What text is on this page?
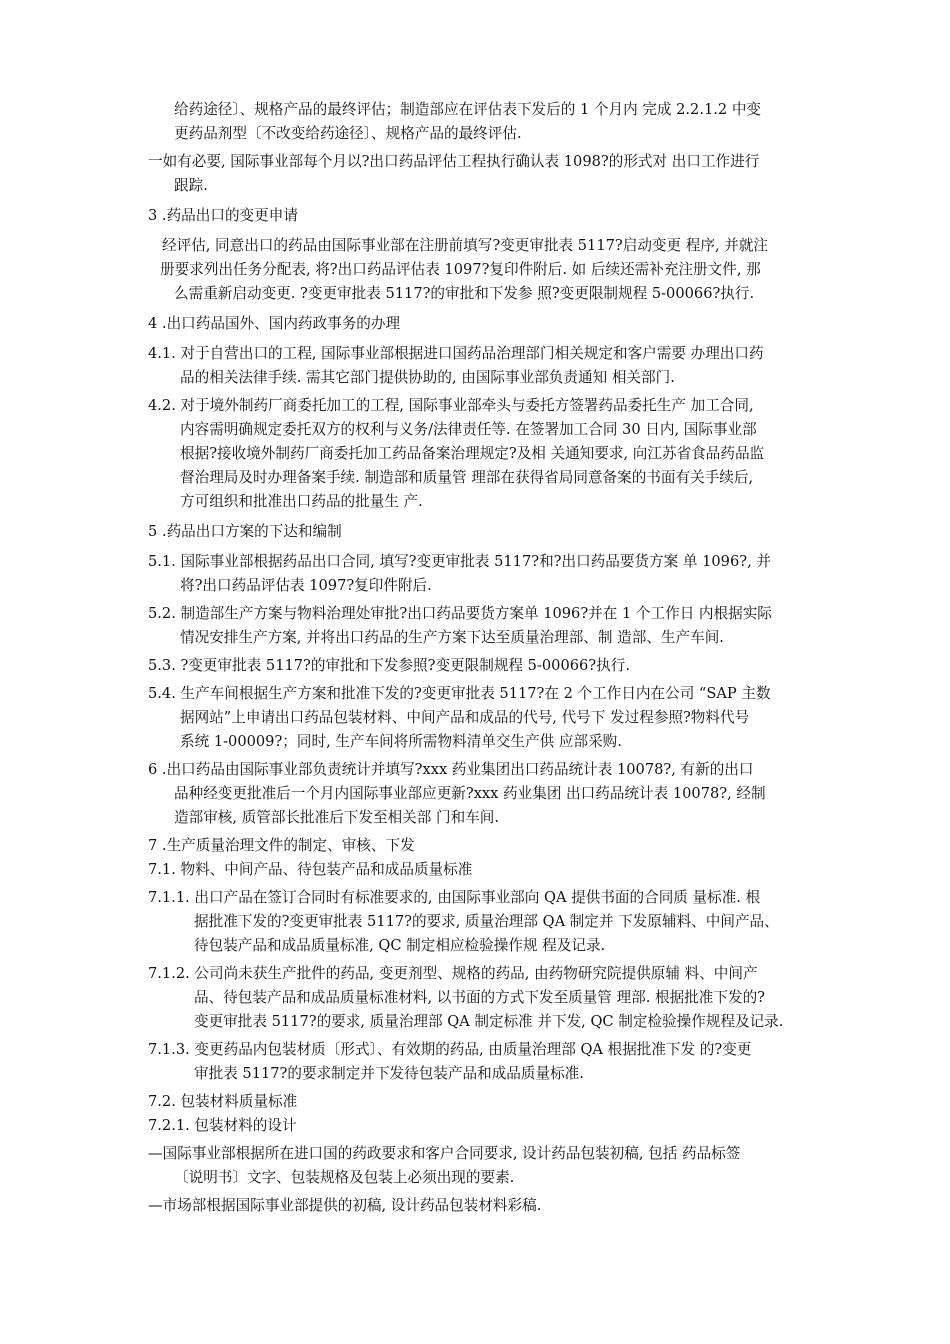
给药途径〕、规格产品的最终评估；制造部应在评估表下发后的 1 个月内 完成 2.2.1.2 中变
更药品剂型〔不改变给药途径〕、规格产品的最终评估.

一如有必要, 国际事业部每个月以?出口药品评估工程执行确认表 1098?的形式对 出口工作进行
跟踪.

3 .药品出口的变更申请

经评估, 同意出口的药品由国际事业部在注册前填写?变更审批表 5117?启动变更 程序, 并就注
册要求列出任务分配表, 将?出口药品评估表 1097?复印件附后. 如 后续还需补充注册文件, 那
么需重新启动变更. ?变更审批表 5117?的审批和下发参 照?变更限制规程 5-00066?执行.

4 .出口药品国外、国内药政事务的办理

4.1. 对于自营出口的工程, 国际事业部根据进口国药品治理部门相关规定和客户需要 办理出口药
品的相关法律手续. 需其它部门提供协助的, 由国际事业部负责通知 相关部门.

4.2. 对于境外制药厂商委托加工的工程, 国际事业部牵头与委托方签署药品委托生产 加工合同,
内容需明确规定委托双方的权利与义务/法律责任等. 在签署加工合同 30 日内, 国际事业部
根据?接收境外制药厂商委托加工药品备案治理规定?及相 关通知要求, 向江苏省食品药品监
督治理局及时办理备案手续. 制造部和质量管 理部在获得省局同意备案的书面有关手续后,
方可组织和批准出口药品的批量生 产.

5 .药品出口方案的下达和编制

5.1. 国际事业部根据药品出口合同, 填写?变更审批表 5117?和?出口药品要货方案 单 1096?, 并
将?出口药品评估表 1097?复印件附后.

5.2. 制造部生产方案与物料治理处审批?出口药品要货方案单 1096?并在 1 个工作日 内根据实际
情况安排生产方案, 并将出口药品的生产方案下达至质量治理部、制 造部、生产车间.

5.3. ?变更审批表 5117?的审批和下发参照?变更限制规程 5-00066?执行.

5.4. 生产车间根据生产方案和批准下发的?变更审批表 5117?在 2 个工作日内在公司 “SAP 主数
据网站”上申请出口药品包装材料、中间产品和成品的代号, 代号下 发过程参照?物料代号
系统 1-00009?；同时, 生产车间将所需物料清单交生产供 应部采购.

6 .出口药品由国际事业部负责统计并填写?xxx 药业集团出口药品统计表 10078?, 有新的出口
品种经变更批准后一个月内国际事业部应更新?xxx 药业集团 出口药品统计表 10078?, 经制
造部审核, 质管部长批准后下发至相关部 门和车间.

7 .生产质量治理文件的制定、审核、下发

7.1. 物料、中间产品、待包装产品和成品质量标准

7.1.1. 出口产品在签订合同时有标准要求的, 由国际事业部向 QA 提供书面的合同质 量标准. 根
据批准下发的?变更审批表 5117?的要求, 质量治理部 QA 制定并 下发原辅料、中间产品、
待包装产品和成品质量标准, QC 制定相应检验操作规 程及记录.

7.1.2. 公司尚未获生产批件的药品, 变更剂型、规格的药品, 由药物研究院提供原辅 料、中间产
品、待包装产品和成品质量标准材料, 以书面的方式下发至质量管 理部. 根据批准下发的?
变更审批表 5117?的要求, 质量治理部 QA 制定标准 并下发, QC 制定检验操作规程及记录.

7.1.3. 变更药品内包装材质〔形式〕、有效期的药品, 由质量治理部 QA 根据批准下发 的?变更
审批表 5117?的要求制定并下发待包装产品和成品质量标准.

7.2. 包装材料质量标准

7.2.1. 包装材料的设计

—国际事业部根据所在进口国的药政要求和客户合同要求, 设计药品包装初稿, 包括 药品标签
〔说明书〕文字、包装规格及包装上必须出现的要素.

—市场部根据国际事业部提供的初稿, 设计药品包装材料彩稿.
